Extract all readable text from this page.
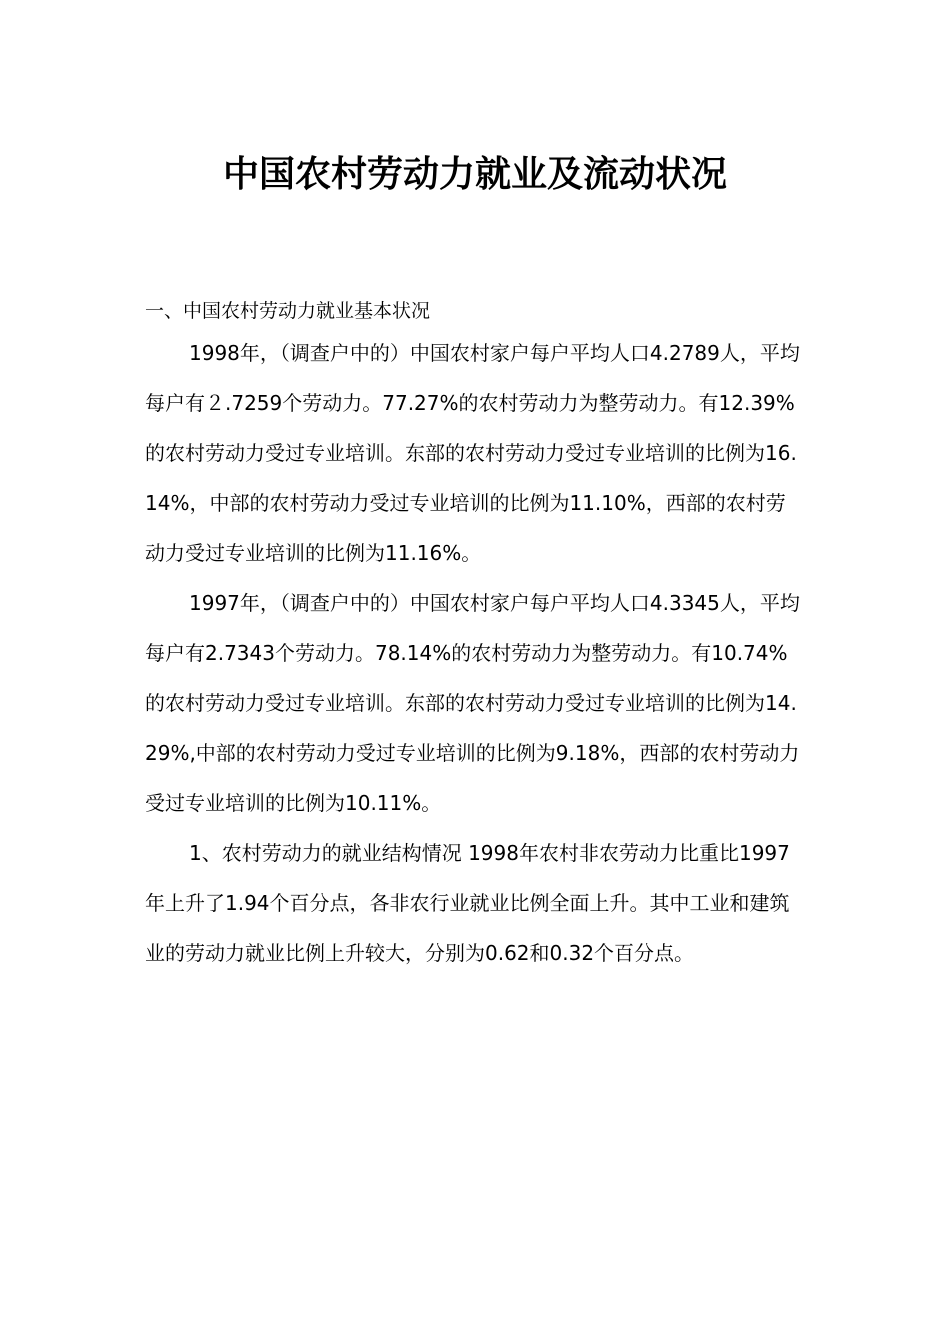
中国农村劳动力就业及流动状况

一、中国农村劳动力就业基本状况

1998年，（调查户中的）中国农村家户每户平均人口4.2789人，平均每户有２.7259个劳动力。77.27%的农村劳动力为整劳动力。有12.39%的农村劳动力受过专业培训。东部的农村劳动力受过专业培训的比例为16.14%，中部的农村劳动力受过专业培训的比例为11.10%，西部的农村劳动力受过专业培训的比例为11.16%。

1997年，（调查户中的）中国农村家户每户平均人口4.3345人，平均每户有2.7343个劳动力。78.14%的农村劳动力为整劳动力。有10.74%的农村劳动力受过专业培训。东部的农村劳动力受过专业培训的比例为14.29%,中部的农村劳动力受过专业培训的比例为9.18%，西部的农村劳动力受过专业培训的比例为10.11%。

1、农村劳动力的就业结构情况 1998年农村非农劳动力比重比1997年上升了1.94个百分点，各非农行业就业比例全面上升。其中工业和建筑业的劳动力就业比例上升较大，分别为0.62和0.32个百分点。
